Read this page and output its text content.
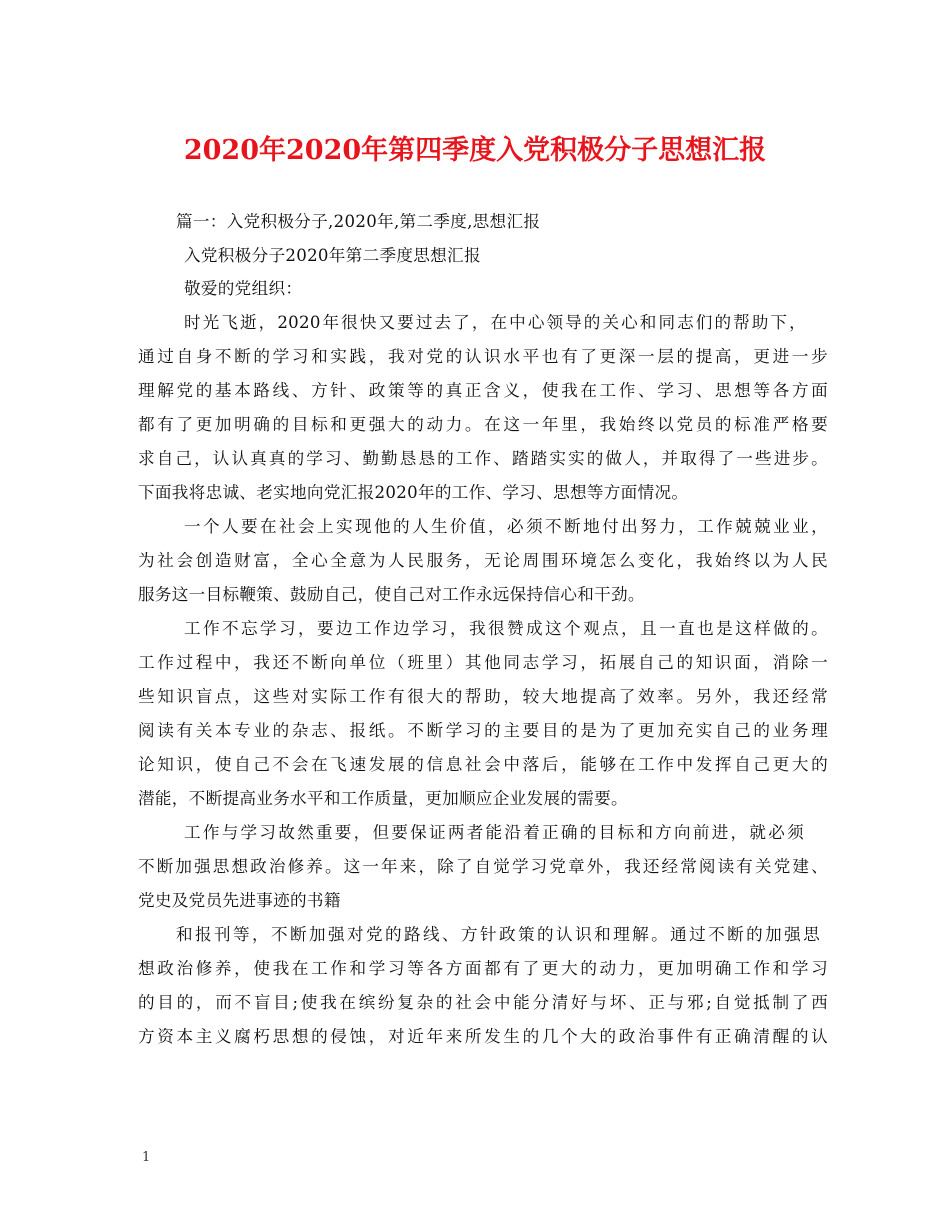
2020年2020年第四季度入党积极分子思想汇报
篇一：入党积极分子,2020年,第二季度,思想汇报
入党积极分子2020年第二季度思想汇报
敬爱的党组织：
时光飞逝，2020年很快又要过去了，在中心领导的关心和同志们的帮助下，
通过自身不断的学习和实践，我对党的认识水平也有了更深一层的提高，更进一步
理解党的基本路线、方针、政策等的真正含义，使我在工作、学习、思想等各方面
都有了更加明确的目标和更强大的动力。在这一年里，我始终以党员的标准严格要
求自己，认认真真的学习、勤勤恳恳的工作、踏踏实实的做人，并取得了一些进步。
下面我将忠诚、老实地向党汇报2020年的工作、学习、思想等方面情况。
一个人要在社会上实现他的人生价值，必须不断地付出努力，工作兢兢业业，
为社会创造财富，全心全意为人民服务，无论周围环境怎么变化，我始终以为人民
服务这一目标鞭策、鼓励自己，使自己对工作永远保持信心和干劲。
工作不忘学习，要边工作边学习，我很赞成这个观点，且一直也是这样做的。
工作过程中，我还不断向单位（班里）其他同志学习，拓展自己的知识面，消除一
些知识盲点，这些对实际工作有很大的帮助，较大地提高了效率。另外，我还经常
阅读有关本专业的杂志、报纸。不断学习的主要目的是为了更加充实自己的业务理
论知识，使自己不会在飞速发展的信息社会中落后，能够在工作中发挥自己更大的
潜能，不断提高业务水平和工作质量，更加顺应企业发展的需要。
工作与学习故然重要，但要保证两者能沿着正确的目标和方向前进，就必须
不断加强思想政治修养。这一年来，除了自觉学习党章外，我还经常阅读有关党建、
党史及党员先进事迹的书籍
和报刊等，不断加强对党的路线、方针政策的认识和理解。通过不断的加强思
想政治修养，使我在工作和学习等各方面都有了更大的动力，更加明确工作和学习
的目的，而不盲目;使我在缤纷复杂的社会中能分清好与坏、正与邪;自觉抵制了西
方资本主义腐朽思想的侵蚀，对近年来所发生的几个大的政治事件有正确清醒的认
1
